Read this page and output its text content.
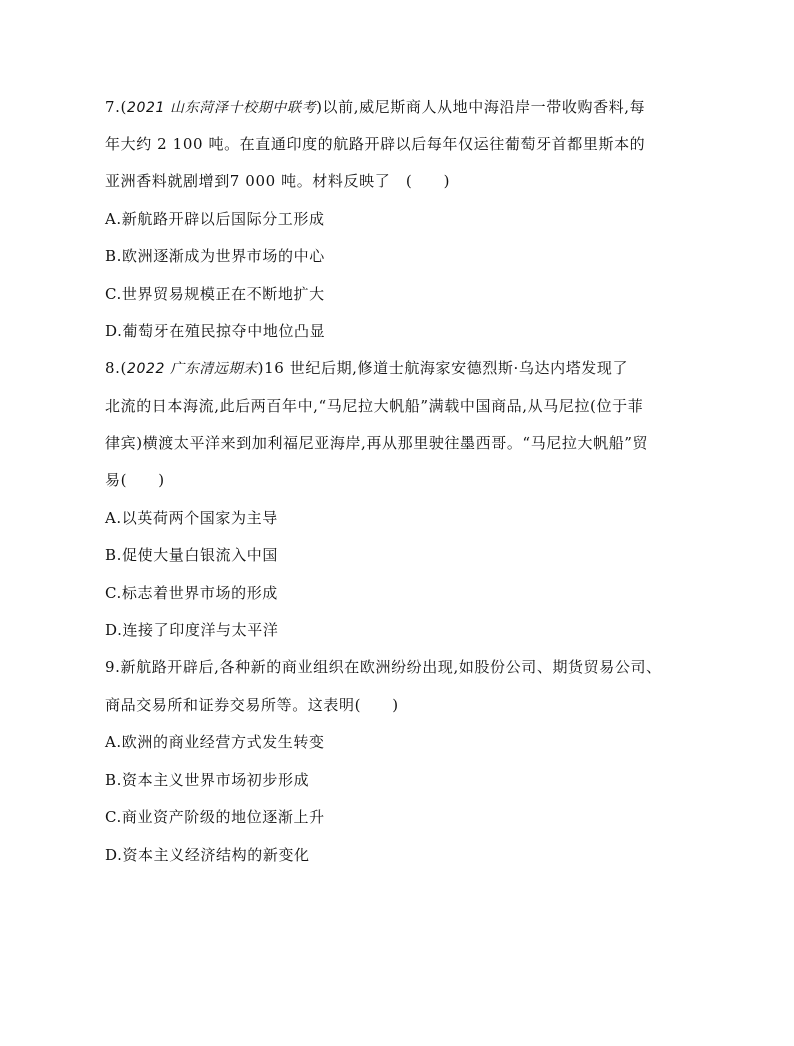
7.(2021 山东菏泽十校期中联考)以前,威尼斯商人从地中海沿岸一带收购香料,每
年大约 2 100 吨。在直通印度的航路开辟以后每年仅运往葡萄牙首都里斯本的
亚洲香料就剧增到7 000 吨。材料反映了　(　　)
A.新航路开辟以后国际分工形成
B.欧洲逐渐成为世界市场的中心
C.世界贸易规模正在不断地扩大
D.葡萄牙在殖民掠夺中地位凸显
8.(2022 广东清远期末)16 世纪后期,修道士航海家安德烈斯·乌达内塔发现了
北流的日本海流,此后两百年中,“马尼拉大帆船”满载中国商品,从马尼拉(位于菲
律宾)横渡太平洋来到加利福尼亚海岸,再从那里驶往墨西哥。“马尼拉大帆船”贸
易(　　)
A.以英荷两个国家为主导
B.促使大量白银流入中国
C.标志着世界市场的形成
D.连接了印度洋与太平洋
9.新航路开辟后,各种新的商业组织在欧洲纷纷出现,如股份公司、期货贸易公司、
商品交易所和证券交易所等。这表明(　　)
A.欧洲的商业经营方式发生转变
B.资本主义世界市场初步形成
C.商业资产阶级的地位逐渐上升
D.资本主义经济结构的新变化
